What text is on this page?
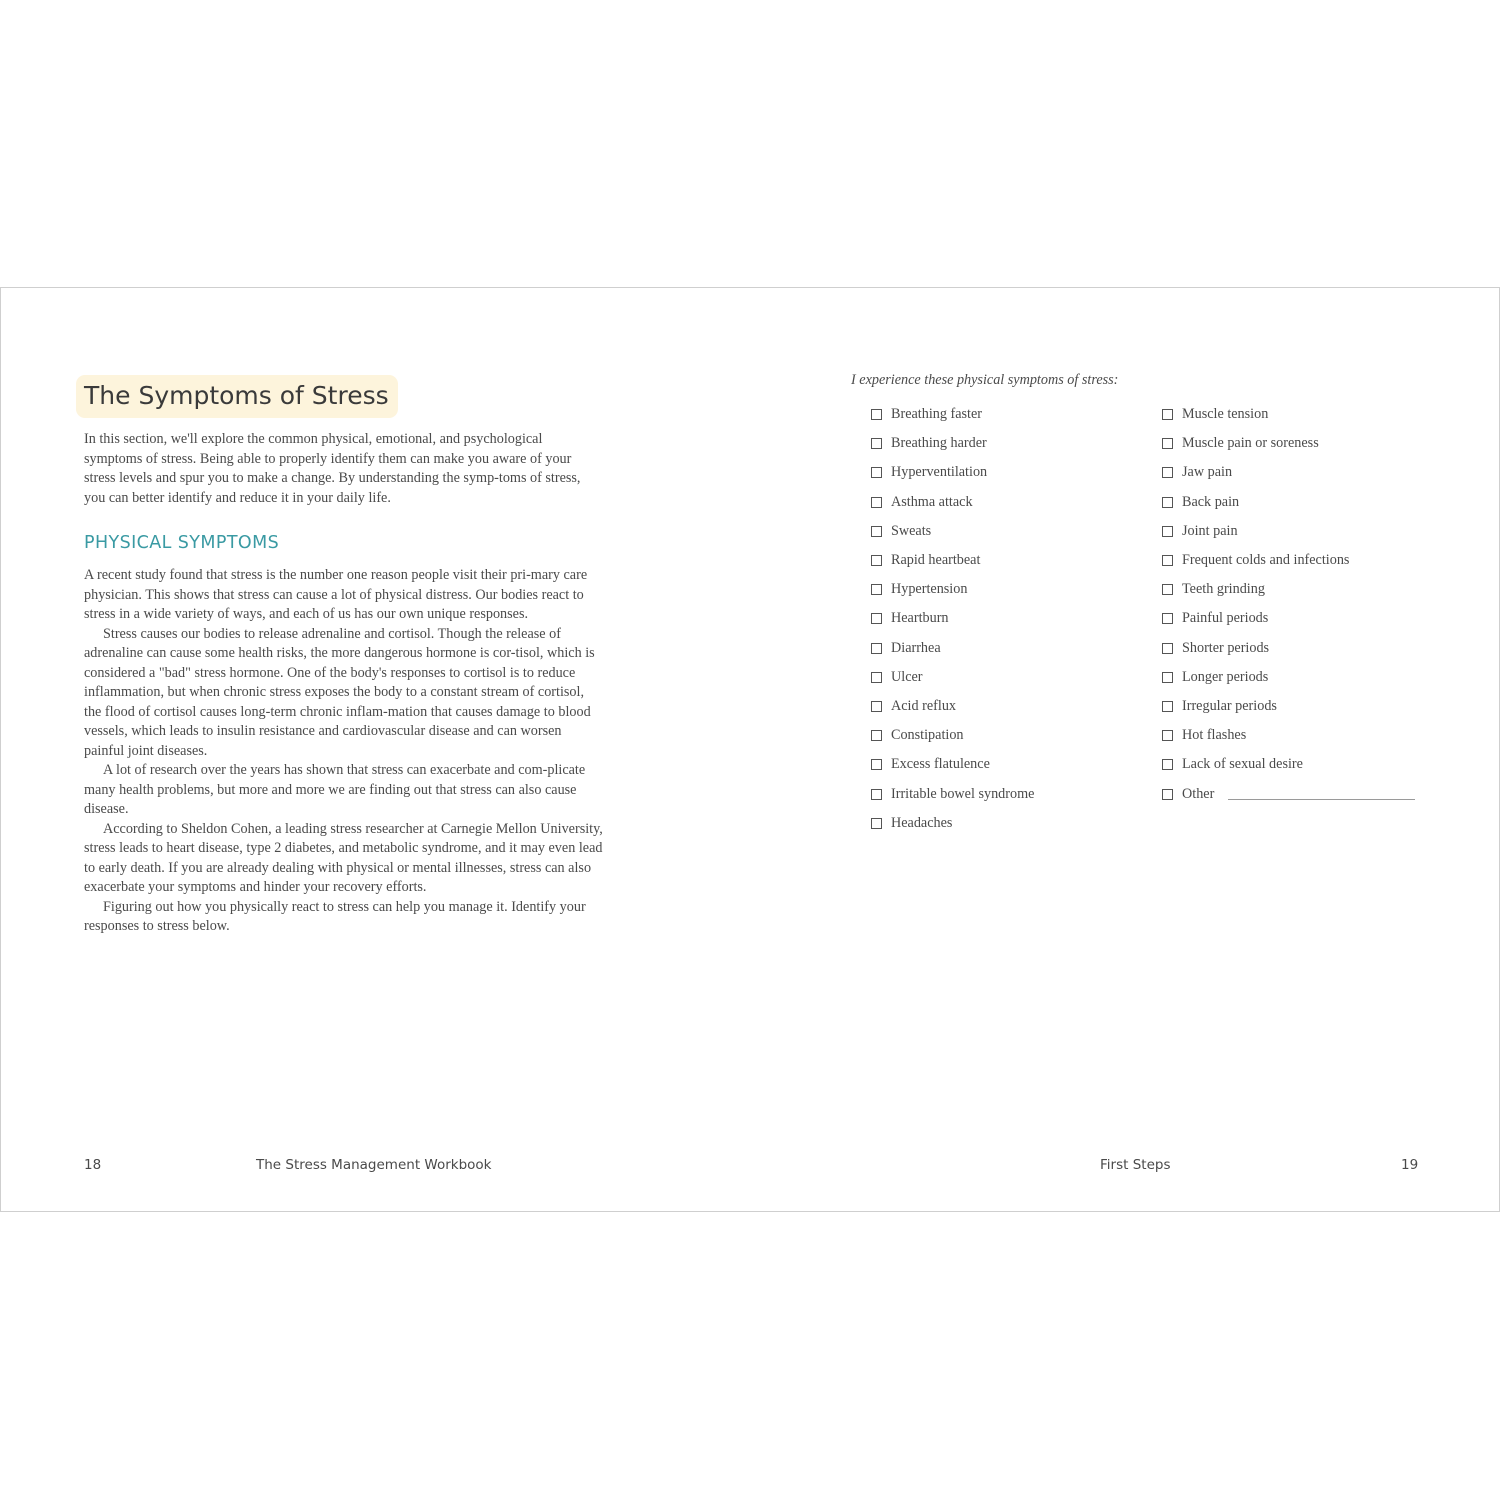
The Symptoms of Stress
In this section, we'll explore the common physical, emotional, and psychological symptoms of stress. Being able to properly identify them can make you aware of your stress levels and spur you to make a change. By understanding the symp-toms of stress, you can better identify and reduce it in your daily life.
PHYSICAL SYMPTOMS

A recent study found that stress is the number one reason people visit their pri-mary care physician. This shows that stress can cause a lot of physical distress. Our bodies react to stress in a wide variety of ways, and each of us has our own unique responses.

Stress causes our bodies to release adrenaline and cortisol. Though the release of adrenaline can cause some health risks, the more dangerous hormone is cor-tisol, which is considered a "bad" stress hormone. One of the body's responses to cortisol is to reduce inflammation, but when chronic stress exposes the body to a constant stream of cortisol, the flood of cortisol causes long-term chronic inflam-mation that causes damage to blood vessels, which leads to insulin resistance and cardiovascular disease and can worsen painful joint diseases.

A lot of research over the years has shown that stress can exacerbate and com-plicate many health problems, but more and more we are finding out that stress can also cause disease.

According to Sheldon Cohen, a leading stress researcher at Carnegie Mellon University, stress leads to heart disease, type 2 diabetes, and metabolic syndrome, and it may even lead to early death. If you are already dealing with physical or mental illnesses, stress can also exacerbate your symptoms and hinder your recovery efforts.

Figuring out how you physically react to stress can help you manage it. Identify your responses to stress below.

18	The Stress Management Workbook
I experience these physical symptoms of stress:
Breathing faster
Breathing harder
Hyperventilation
Asthma attack
Sweats
Rapid heartbeat
Hypertension
Heartburn
Diarrhea
Ulcer
Acid reflux
Constipation
Excess flatulence
Irritable bowel syndrome
Headaches
Muscle tension
Muscle pain or soreness
Jaw pain
Back pain
Joint pain
Frequent colds and infections
Teeth grinding
Painful periods
Shorter periods
Longer periods
Irregular periods
Hot flashes
Lack of sexual desire
Other
First Steps	19
